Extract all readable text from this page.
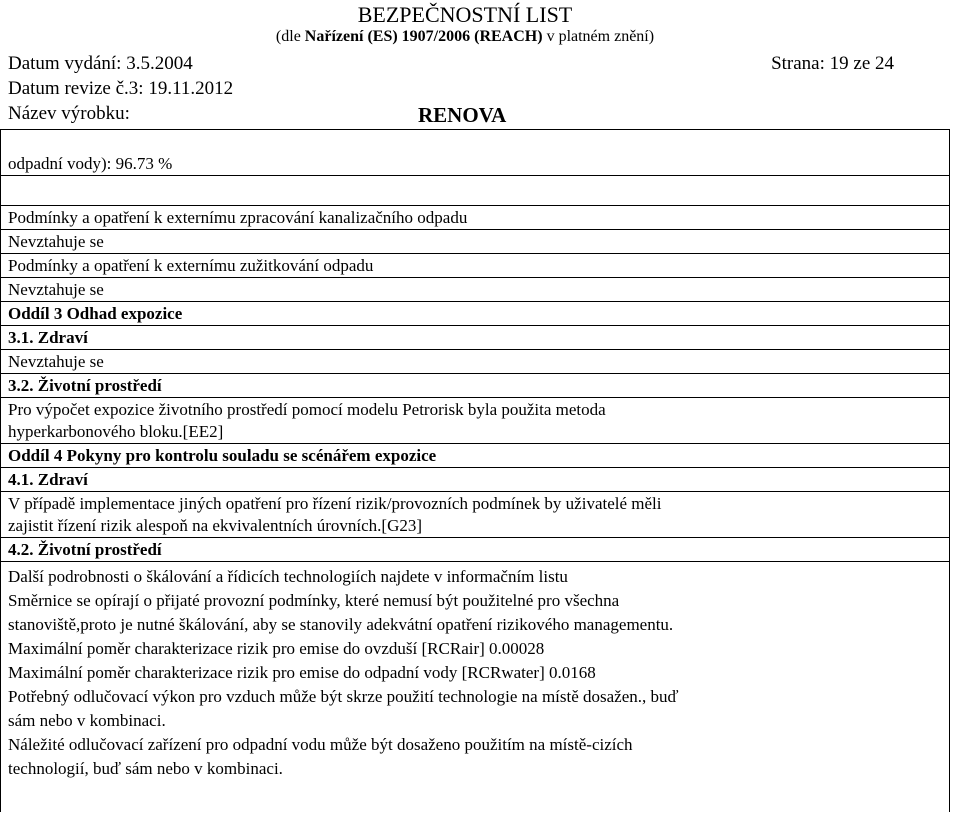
BEZPEČNOSTNÍ LIST
(dle Nařízení (ES) 1907/2006 (REACH) v platném znění)
Datum vydání: 3.5.2004	Strana: 19 ze 24
Datum revize č.3: 19.11.2012
Název výrobku:	RENOVA
odpadní vody): 96.73 %
Podmínky a opatření k externímu zpracování kanalizačního odpadu
Nevztahuje se
Podmínky a opatření k externímu zužitkování odpadu
Nevztahuje se
Oddíl 3 Odhad expozice
3.1. Zdraví
Nevztahuje se
3.2. Životní prostředí
Pro výpočet expozice životního prostředí pomocí modelu Petrorisk byla použita metoda
hyperkarbonového bloku.[EE2]
Oddíl 4 Pokyny pro kontrolu souladu se scénářem expozice
4.1. Zdraví
V případě implementace jiných opatření pro řízení rizik/provozních podmínek by uživatelé měli
zajistit řízení rizik alespoň na ekvivalentních úrovních.[G23]
4.2. Životní prostředí
Další podrobnosti o škálování a řídicích technologiích najdete v informačním listu
Směrnice se opírají o přijaté provozní podmínky, které nemusí být použitelné pro všechna
stanoviště,proto je nutné škálování, aby se stanovily adekvátní opatření rizikového managementu.
Maximální poměr charakterizace rizik pro emise do ovzduší [RCRair] 0.00028
Maximální poměr charakterizace rizik pro emise do odpadní vody [RCRwater] 0.0168
Potřebný odlučovací výkon pro vzduch může být skrze použití technologie na místě dosažen., buď
sám nebo v kombinaci.
Náležité odlučovací zařízení pro odpadní vodu může být dosaženo použitím na místě-cizích
technologií, buď sám nebo v kombinaci.
